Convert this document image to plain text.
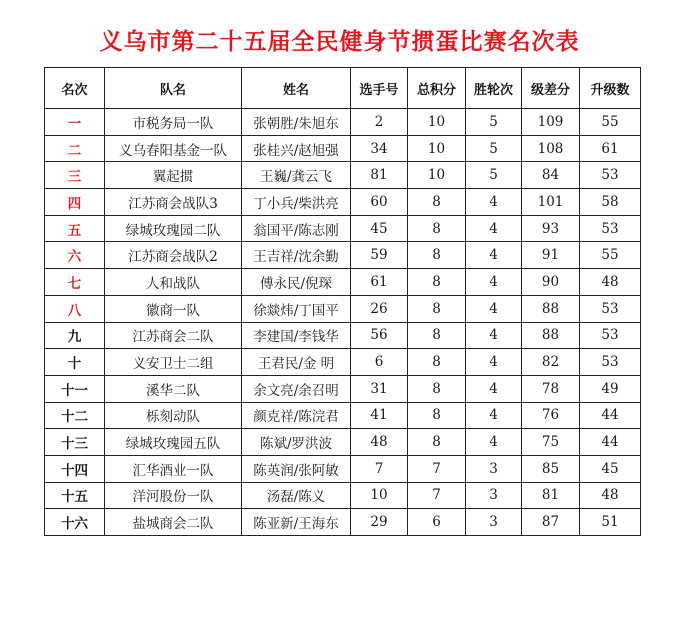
义乌市第二十五届全民健身节掼蛋比赛名次表
名次	队名	姓名	选手号	总积分	胜轮次	级差分	升级数
一	市税务局一队	张朝胜/朱旭东	2	10	5	109	55
二	义乌春阳基金一队	张桂兴/赵旭强	34	10	5	108	61
三	翼起掼	王巍/龚云飞	81	10	5	84	53
四	江苏商会战队3	丁小兵/柴洪亮	60	8	4	101	58
五	绿城玫瑰园二队	翁国平/陈志刚	45	8	4	93	53
六	江苏商会战队2	王吉祥/沈余勤	59	8	4	91	55
七	人和战队	傅永民/倪琛	61	8	4	90	48
八	徽商一队	徐燚炜/丁国平	26	8	4	88	53
九	江苏商会二队	李建国/李钱华	56	8	4	88	53
十	义安卫士二组	王君民/金 明	6	8	4	82	53
十一	溪华二队	余文亮/余召明	31	8	4	78	49
十二	栎刻动队	颜克祥/陈浣君	41	8	4	76	44
十三	绿城玫瑰园五队	陈斌/罗洪波	48	8	4	75	44
十四	汇华酒业一队	陈英润/张阿敏	7	7	3	85	45
十五	洋河股份一队	汤磊/陈义	10	7	3	81	48
十六	盐城商会二队	陈亚新/王海东	29	6	3	87	51
